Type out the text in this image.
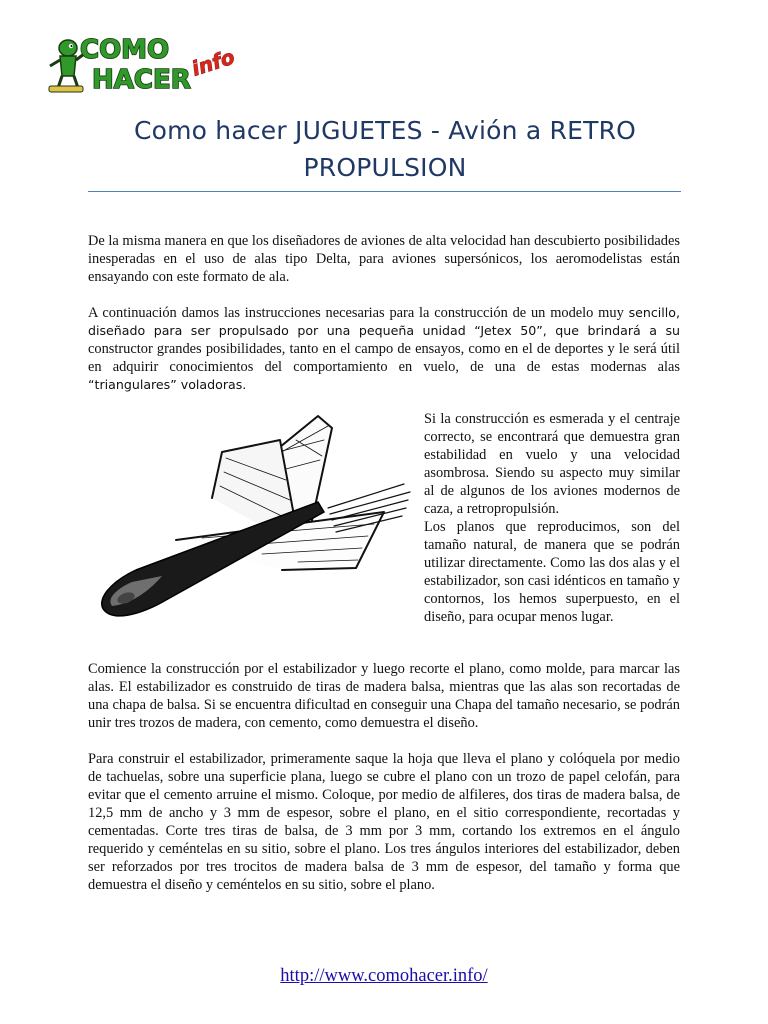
COMO
HACER
info
Como hacer JUGUETES - Avión a RETRO PROPULSION

De la misma manera en que los diseñadores de aviones de alta velocidad han descubierto posibilidades inesperadas en el uso de alas tipo Delta, para aviones supersónicos, los aeromodelistas están ensayando con este formato de ala.

A continuación damos las instrucciones necesarias para la construcción de un modelo muy sencillo, diseñado para ser propulsado por una pequeña unidad “Jetex 50”, que brindará a su constructor grandes posibilidades, tanto en el campo de ensayos, como en el de deportes y le será útil en adquirir conocimientos del comportamiento en vuelo, de una de estas modernas alas “triangulares” voladoras.

Si la construcción es esmerada y el centraje correcto, se encontrará que demuestra gran estabilidad en vuelo y una velocidad asombrosa. Siendo su aspecto muy similar al de algunos de los aviones modernos de caza, a retropropulsión.

Los planos que reproducimos, son del tamaño natural, de manera que se podrán utilizar directamente. Como las dos alas y el estabilizador, son casi idénticos en tamaño y contornos, los hemos superpuesto, en el diseño, para ocupar menos lugar.

Comience la construcción por el estabilizador y luego recorte el plano, como molde, para marcar las alas. El estabilizador es construido de tiras de madera balsa, mientras que las alas son recortadas de una chapa de balsa. Si se encuentra dificultad en conseguir una Chapa del tamaño necesario, se podrán unir tres trozos de madera, con cemento, como demuestra el diseño.

Para construir el estabilizador, primeramente saque la hoja que lleva el plano y colóquela por medio de tachuelas, sobre una superficie plana, luego se cubre el plano con un trozo de papel celofán, para evitar que el cemento arruine el mismo. Coloque, por medio de alfileres, dos tiras de madera balsa, de 12,5 mm de ancho y 3 mm de espesor, sobre el plano, en el sitio correspondiente, recortadas y cementadas. Corte tres tiras de balsa, de 3 mm por 3 mm, cortando los extremos en el ángulo requerido y ceméntelas en su sitio, sobre el plano. Los tres ángulos interiores del estabilizador, deben ser reforzados por tres trocitos de madera balsa de 3 mm de espesor, del tamaño y forma que demuestra el diseño y ceméntelos en su sitio, sobre el plano.

http://www.comohacer.info/
